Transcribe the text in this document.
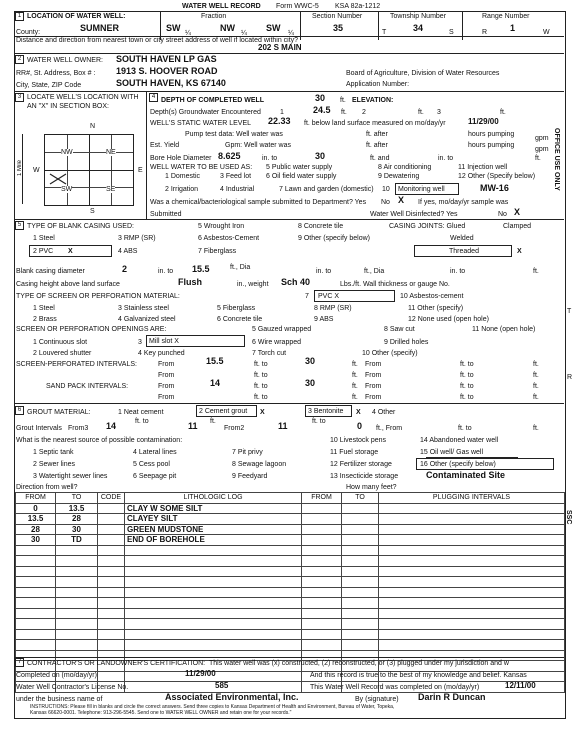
WATER WELL RECORD Form WWC-5 KSA 82a-1212
1 LOCATION OF WATER WELL:
County:	SUMNER
Fraction
SW
¼
NW
¼
SW
¼
Section Number
35
Township Number
T	34	S
Range Number
R	1	W
Distance and direction from nearest town or city street address of well if located within city?
202 S MAIN
2 WATER WELL OWNER: SOUTH HAVEN LP GAS
RR#, St. Address, Box # : 1913 S. HOOVER ROAD
City, State, ZIP Code	SOUTH HAVEN, KS 67140
Board of Agriculture, Division of Water Resources
Application Number:
3 LOCATE WELL'S LOCATION WITH AN "X" IN SECTION BOX:
N
S
E
W
1 Mile
NW	NE
SW	SE
4 DEPTH OF COMPLETED WELL	30 ft. ELEVATION:
Depth(s) Groundwater Encountered	1	24.5 ft. 2	ft. 3	ft.
WELL'S STATIC WATER LEVEL 22.33 ft. below land surface measured on mo/day/yr	11/29/00
Pump test data: Well water was	ft. after	hours pumping
gpm
Est. Yield	Gpm: Well water was	ft. after	hours pumping
gpm
Bore Hole Diameter 8.625	in. to	30	ft. and	in. to	ft.
WELL WATER TO BE USED AS: 5 Public water supply	8 Air conditioning	11 Injection well
1 Domestic	3 Feed lot 6 Oil field water supply	9 Dewatering	12 Other (Specify below)
2 Irrigation	4 Industrial	7 Lawn and garden (domestic) 10 Monitoring well	MW-16
Was a chemical/bacteriological sample submitted to Department? Yes No X If yes, mo/day/yr sample was
Submitted	Water Well Disinfected? Yes	No X
OFFICE USE ONLY
5 TYPE OF BLANK CASING USED:	5 Wrought Iron	8 Concrete tile	CASING JOINTS: Glued	Clamped
1 Steel	3 RMP (SR)	6 Asbestos-Cement	9 Other (specify below)	Welded
2 PVC X	4 ABS	7 Fiberglass	Threaded	X
Blank casing diameter	2	in. to 15.5	ft., Dia
in. to	ft., Dia	in. to	ft.
Casing height above land surface	Flush	in., weight Sch 40	Lbs./ft. Wall thickness or gauge No.
TYPE OF SCREEN OR PERFORATION MATERIAL:	7 PVC X	10 Asbestos-cement
1 Steel	3 Stainless steel	5 Fiberglass	8 RMP (SR)	11 Other (specify)
2 Brass	4 Galvanized steel	6 Concrete tile	9 ABS	12 None used (open hole)
SCREEN OR PERFORATION OPENINGS ARE:	5 Gauzed wrapped	8 Saw cut	11 None (open hole)
1 Continuous slot	3 Mill slot X	6 Wire wrapped	9 Drilled holes
2 Louvered shutter	4 Key punched	7 Torch cut	10 Other (specify)
SCREEN-PERFORATED INTERVALS:	From	15.5	ft. to	30	ft. From	ft. to	ft.
From	ft. to	ft. From	ft. to	ft.
SAND PACK INTERVALS:	From	14	ft. to	30	ft. From	ft. to	ft.
From	ft. to	ft. From	ft. to	ft.
6 GROUT MATERIAL:	1 Neat cement	2 Cement grout X	3 Bentonite X 4 Other
Grout Intervals From3 14	ft. to	11 ft.
From2	11	ft. to	0 ft., From	ft. to	ft.
What is the nearest source of possible contamination:	10 Livestock pens	14 Abandoned water well
1 Septic tank	4 Lateral lines	7 Pit privy	11 Fuel storage	15 Oil well/ Gas well
2 Sewer lines	5 Cess pool	8 Sewage lagoon	12 Fertilizer storage	16 Other (specify below)
3 Watertight sewer lines	6 Seepage pit	9 Feedyard	13 Insecticide storage	Contaminated Site
Direction from well?	How many feet?
FROM	TO	CODE	LITHOLOGIC LOG	FROM	TO	PLUGGING INTERVALS
0	13.5		CLAY W SOME SILT			
13.5	28		CLAYEY SILT			
28	30		GREEN MUDSTONE			
30	TD		END OF BOREHOLE			

7 CONTRACTOR'S OR LANDOWNER'S CERTIFICATION: This water well was (x) constructed, (2) reconstructed, or (3) plugged under my jurisdiction and w
Completed on (mo/day/yr)	11/29/00	And this record is true to the best of my knowledge and belief. Kansas
Water Well Contractor's License No.	585	This Water Well Record was completed on (mo/day/yr)	12/11/00
under the business name of	Associated Environmental, Inc.	By (signature) Darin R Duncan
INSTRUCTIONS: Please fill in blanks and circle the correct answers. Send three copies to Kansas Department of Health and Environment, Bureau of Water, Topeka,
Kansas 66620-0001. Telephone: 913-296-5545. Send one to WATER WELL OWNER and retain one for your records."
T
R
SSC
